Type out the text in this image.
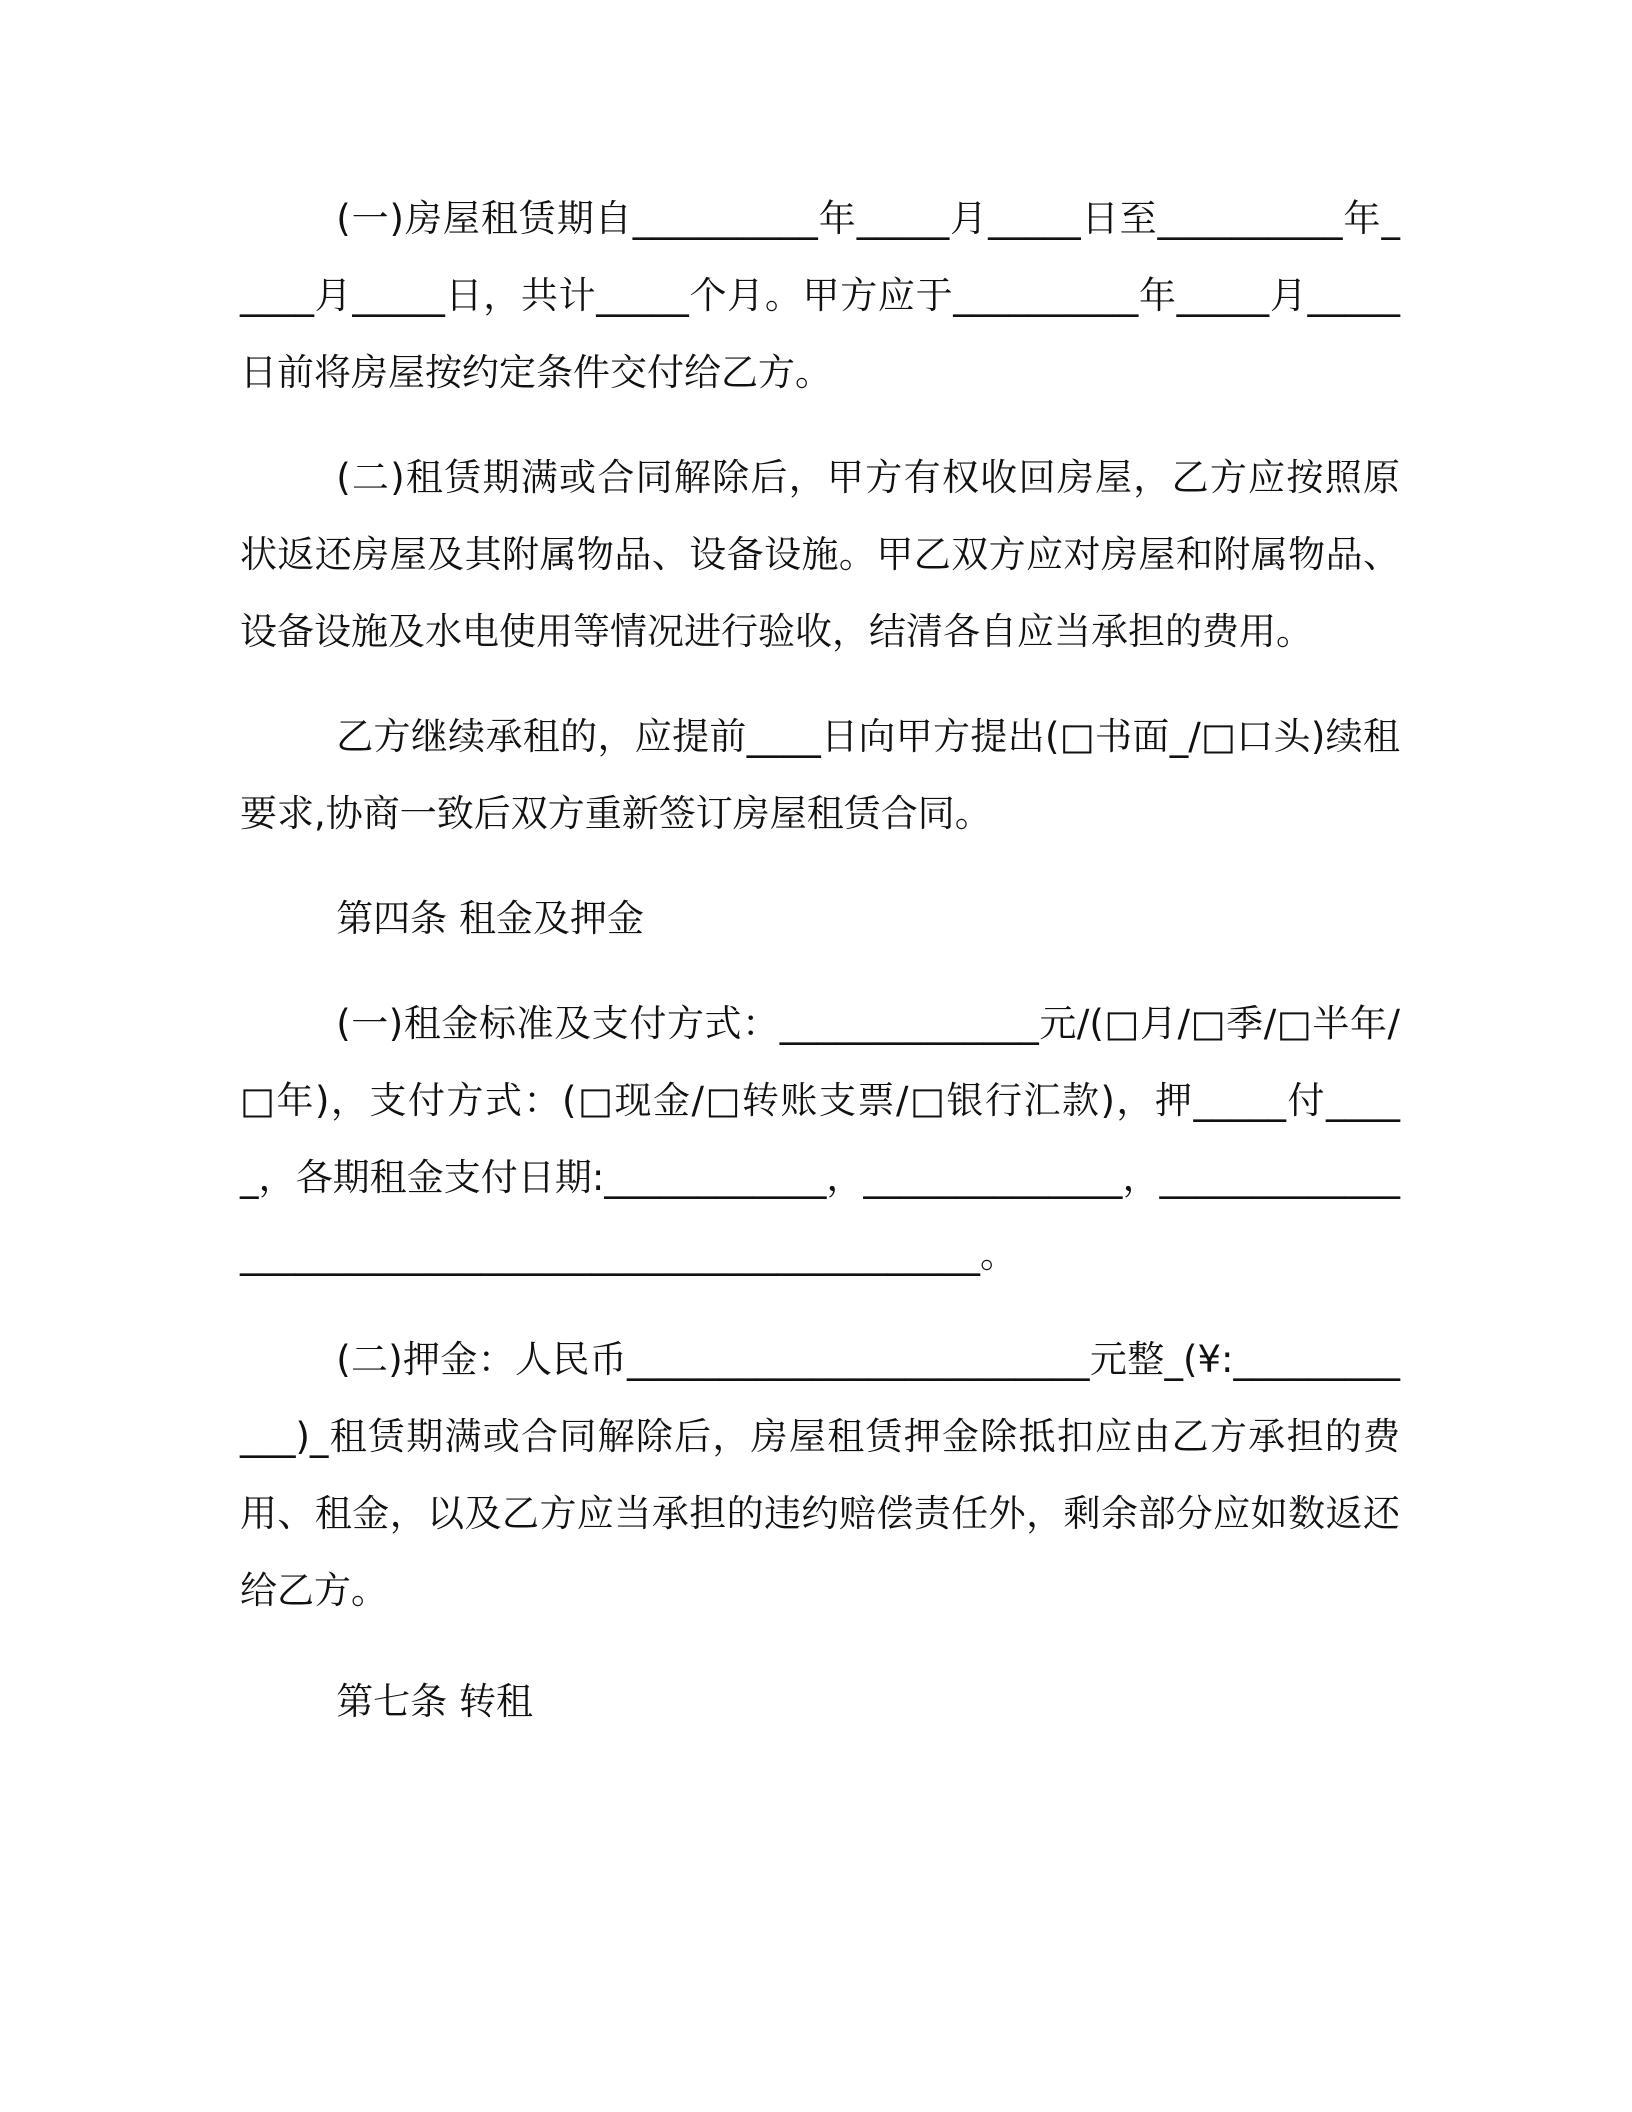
(一)房屋租赁期自__________年_____月_____日至__________年_____月_____日，共计_____个月。甲方应于__________年_____月_____日前将房屋按约定条件交付给乙方。

(二)租赁期满或合同解除后，甲方有权收回房屋，乙方应按照原状返还房屋及其附属物品、设备设施。甲乙双方应对房屋和附属物品、设备设施及水电使用等情况进行验收，结清各自应当承担的费用。

乙方继续承租的，应提前____日向甲方提出(□书面_/□口头)续租要求,协商一致后双方重新签订房屋租赁合同。

第四条 租金及押金

(一)租金标准及支付方式：______________元/(□月/□季/□半年/□年)，支付方式：(□现金/□转账支票/□银行汇款)，押_____付_____，各期租金支付日期:____________，______________，_____________________________________________________。

(二)押金：人民币_________________________元整_(¥:____________)_租赁期满或合同解除后，房屋租赁押金除抵扣应由乙方承担的费用、租金，以及乙方应当承担的违约赔偿责任外，剩余部分应如数返还给乙方。

第七条 转租
